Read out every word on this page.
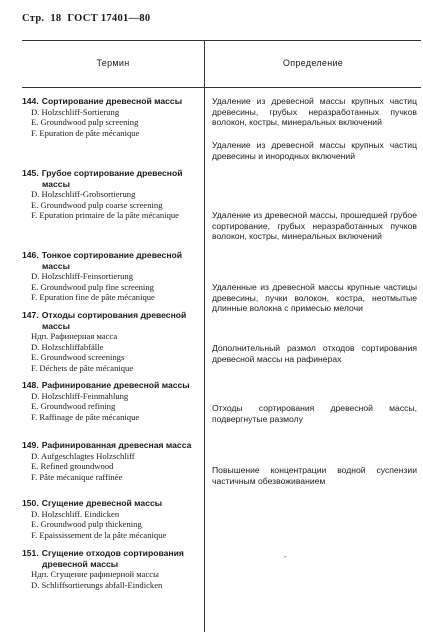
Стр. 18 ГОСТ 17401—80
Термин	Определение
144. Сортирование древесной массы
D. Holzschliff-Sortierung
E. Groundwood pulp screening
F. Epuration de pâte mécanique
Удаление из древесной массы крупных частиц древесины, грубых неразработанных пучков волокон, костры, минеральных включений
145. Грубое сортирование древесной массы
D. Holzschliff-Grobsortierung
E. Groundwood pulp coarse screening
F. Epuration primaire de la pâte mécanique
Удаление из древесной массы крупных частиц древесины и инородных включений
146. Тонкое сортирование древесной массы
D. Holzschliff-Feinsortierung
E. Groundwood pulp fine screening
F. Epuration fine de pâte mécanique
Удаление из древесной массы, прошедшей грубое сортирование, грубых неразработанных пучков волокон, костры, минеральных включений
147. Отходы сортирования древесной массы
Ндп. Рафинерная масса
D. Holzschliffabfälle
E. Groundwood screenings
F. Déchets de pâte mécanique
Удаленные из древесной массы крупные частицы древесины, пучки волокон, костра, неотмытые длинные волокна с примесью мелочи
148. Рафинирование древесной массы
D. Holzschliff-Feinmahlung
E. Groundwood refining
F. Raffinage de pâte mécanique
Дополнительный размол отходов сортирования древесной массы на рафинерах
149. Рафинированная древесная масса
D. Aufgeschlagtes Holzschliff
E. Refined groundwood
F. Pâte mécanique raffinée
Отходы сортирования древесной массы, подвергнутые размолу
150. Сгущение древесной массы
D. Holzschliff. Eindicken
E. Groundwood pulp thickening
F. Epaississement de la pâte mécanique
Повышение концентрации водной суспензии частичным обезвоживанием
151. Сгущение отходов сортирования древесной массы
Ндп. Сгущение рафинерной массы
D. Schliffsortierungs abfall-Eindicken
-
